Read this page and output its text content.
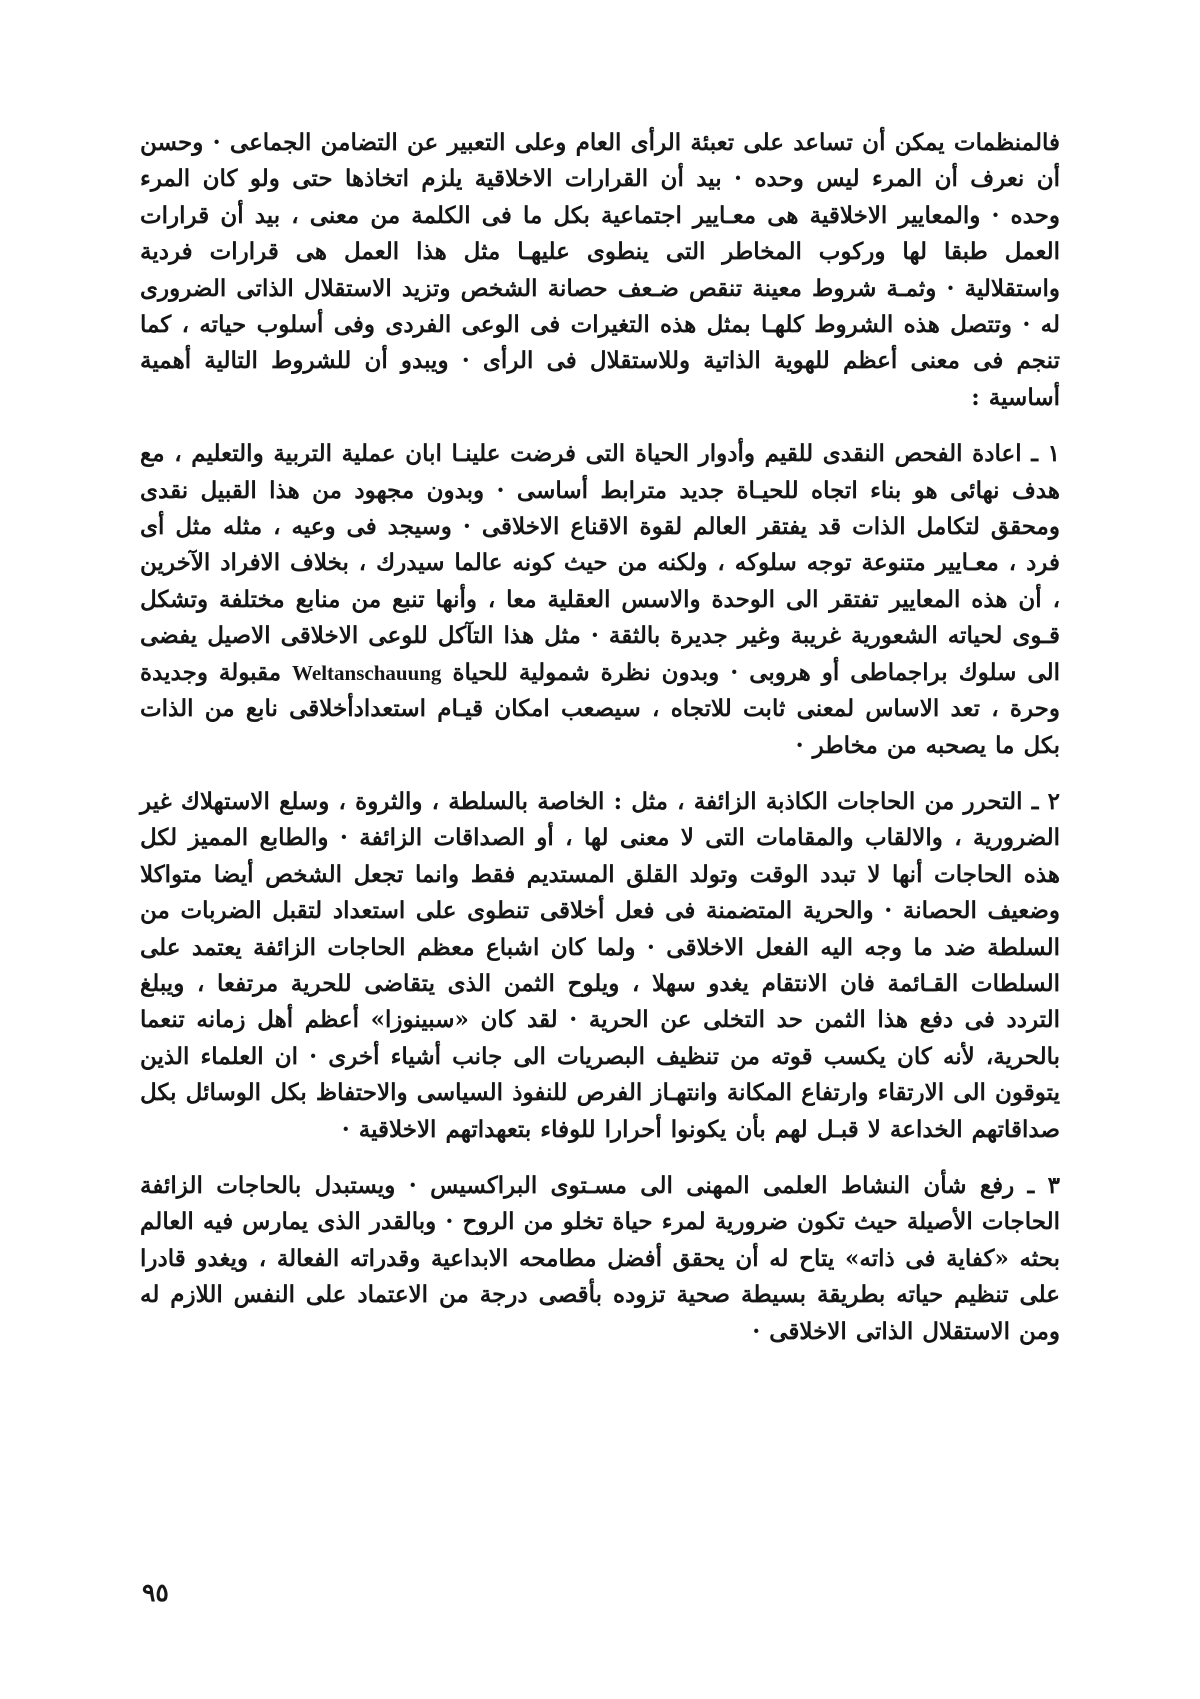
فالمنظمات يمكن أن تساعد على تعبئة الرأى العام وعلى التعبير عن التضامن الجماعى · وحسن أن نعرف أن المرء ليس وحده · بيد أن القرارات الاخلاقية يلزم اتخاذها حتى ولو كان المرء وحده · والمعايير الاخلاقية هى معـايير اجتماعية بكل ما فى الكلمة من معنى ، بيد أن قرارات العمل طبقا لها وركوب المخاطر التى ينطوى عليهـا مثل هذا العمل هى قرارات فردية واستقلالية · وثمـة شروط معينة تنقص ضـعف حصانة الشخص وتزيد الاستقلال الذاتى الضرورى له · وتتصل هذه الشروط كلهـا بمثل هذه التغيرات فى الوعى الفردى وفى أسلوب حياته ، كما تنجم فى معنى أعظم للهوية الذاتية وللاستقلال فى الرأى · ويبدو أن للشروط التالية أهمية أساسية :

١ ـ اعادة الفحص النقدى للقيم وأدوار الحياة التى فرضت علينـا ابان عملية التربية والتعليم ، مع هدف نهائى هو بناء اتجاه للحيـاة جديد مترابط أساسى · وبدون مجهود من هذا القبيل نقدى ومحقق لتكامل الذات قد يفتقر العالم لقوة الاقناع الاخلاقى · وسيجد فى وعيه ، مثله مثل أى فرد ، معـايير متنوعة توجه سلوكه ، ولكنه من حيث كونه عالما سيدرك ، بخلاف الافراد الآخرين ، أن هذه المعايير تفتقر الى الوحدة والاسس العقلية معا ، وأنها تنبع من منابع مختلفة وتشكل قـوى لحياته الشعورية غريبة وغير جديرة بالثقة · مثل هذا التآكل للوعى الاخلاقى الاصيل يفضى الى سلوك براجماطى أو هروبى · وبدون نظرة شمولية للحياة Weltanschauung مقبولة وجديدة وحرة ، تعد الاساس لمعنى ثابت للاتجاه ، سيصعب امكان قيـام استعدادأخلاقى نابع من الذات بكل ما يصحبه من مخاطر ·

٢ ـ التحرر من الحاجات الكاذبة الزائفة ، مثل : الخاصة بالسلطة ، والثروة ، وسلع الاستهلاك غير الضرورية ، والالقاب والمقامات التى لا معنى لها ، أو الصداقات الزائفة · والطابع المميز لكل هذه الحاجات أنها لا تبدد الوقت وتولد القلق المستديم فقط وانما تجعل الشخص أيضا متواكلا وضعيف الحصانة · والحرية المتضمنة فى فعل أخلاقى تنطوى على استعداد لتقبل الضربات من السلطة ضد ما وجه اليه الفعل الاخلاقى · ولما كان اشباع معظم الحاجات الزائفة يعتمد على السلطات القـائمة فان الانتقام يغدو سهلا ، ويلوح الثمن الذى يتقاضى للحرية مرتفعا ، ويبلغ التردد فى دفع هذا الثمن حد التخلى عن الحرية · لقد كان «سبينوزا» أعظم أهل زمانه تنعما بالحرية، لأنه كان يكسب قوته من تنظيف البصريات الى جانب أشياء أخرى · ان العلماء الذين يتوقون الى الارتقاء وارتفاع المكانة وانتهـاز الفرص للنفوذ السياسى والاحتفاظ بكل الوسائل بكل صداقاتهم الخداعة لا قبـل لهم بأن يكونوا أحرارا للوفاء بتعهداتهم الاخلاقية ·

٣ ـ رفع شأن النشاط العلمى المهنى الى مسـتوى البراكسيس · ويستبدل بالحاجات الزائفة الحاجات الأصيلة حيث تكون ضرورية لمرء حياة تخلو من الروح · وبالقدر الذى يمارس فيه العالم بحثه «كفاية فى ذاته» يتاح له أن يحقق أفضل مطامحه الابداعية وقدراته الفعالة ، ويغدو قادرا على تنظيم حياته بطريقة بسيطة صحية تزوده بأقصى درجة من الاعتماد على النفس اللازم له ومن الاستقلال الذاتى الاخلاقى ·

٩٥
